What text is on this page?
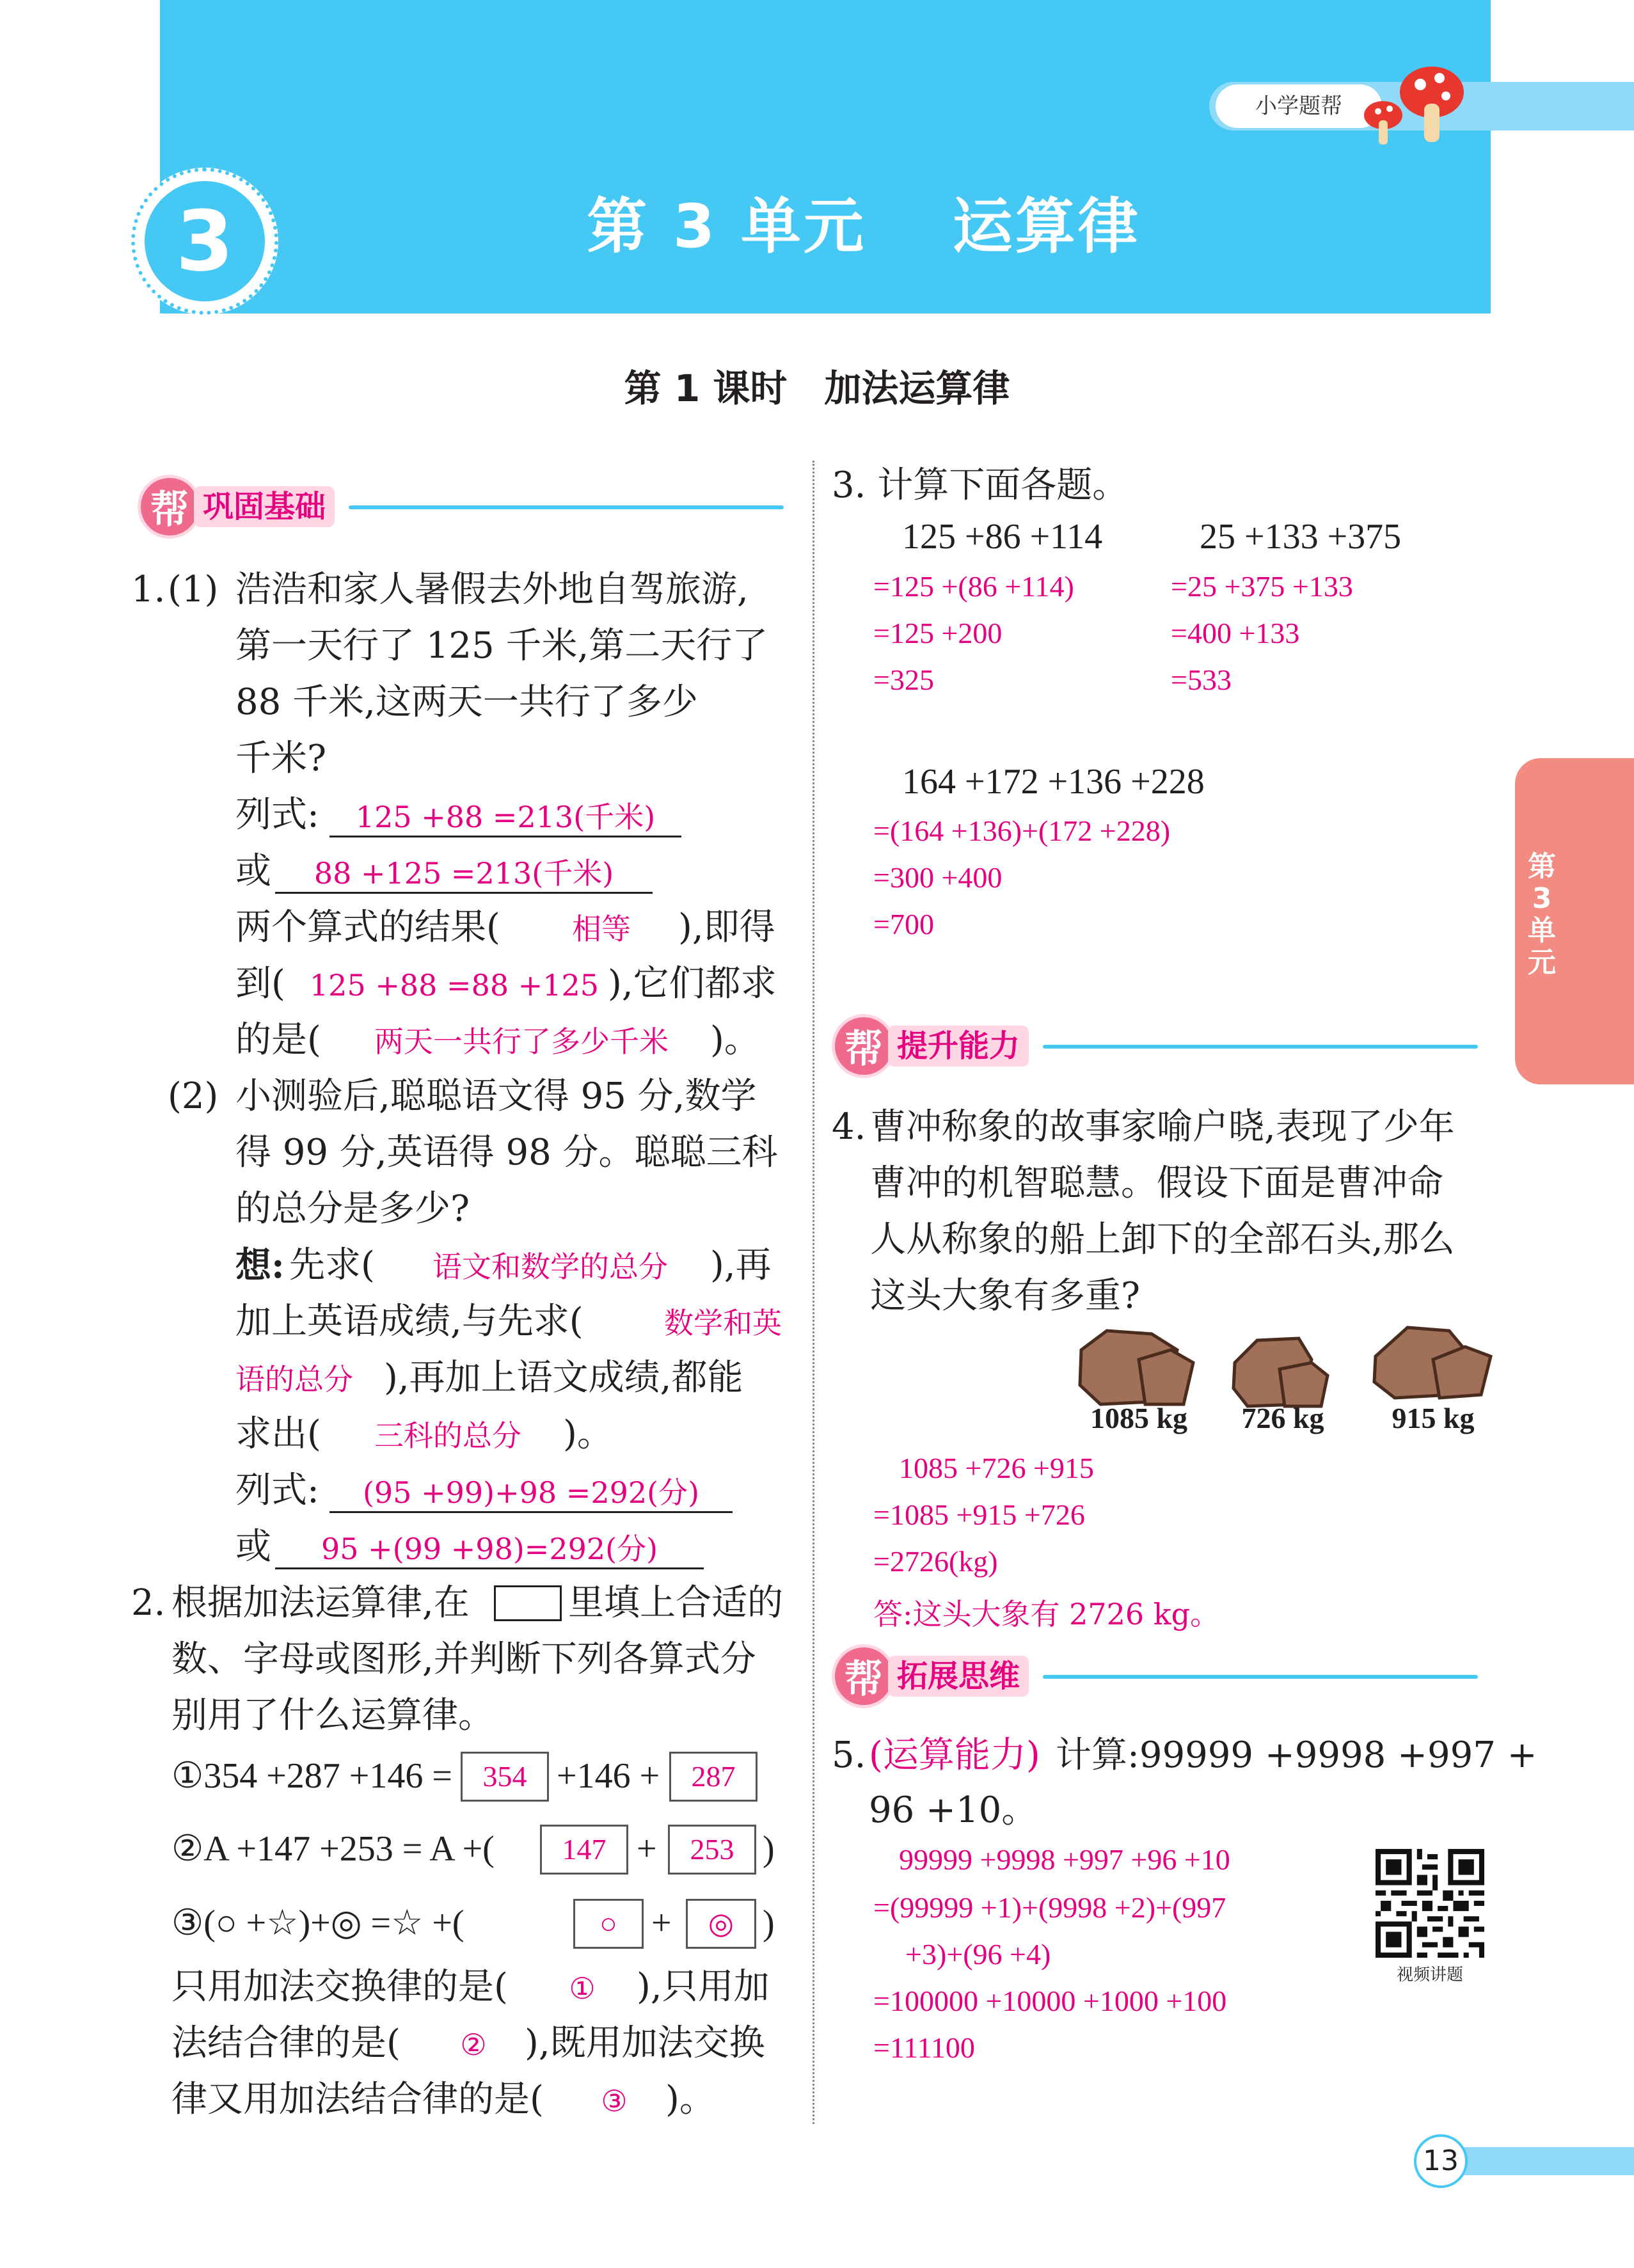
小学题帮
3	第 3 单元　 运算律
第 1 课时　加法运算律
第3单元
帮 巩固基础
1. (1) 浩浩和家人暑假去外地自驾旅游,
第一天行了 125 千米,第二天行了
88 千米,这两天一共行了多少
千米?
列式:	125 +88 =213(千米)
或	88 +125 =213(千米)
两个算式的结果(	相等	),即得
到( 125 +88 =88 +125 ),它们都求
的是(	两天一共行了多少千米	)。
(2) 小测验后,聪聪语文得 95 分,数学
得 99 分,英语得 98 分。聪聪三科
的总分是多少?
想: 先求(	语文和数学的总分	),再
加上英语成绩,与先求(	数学和英
语的总分 ),再加上语文成绩,都能
求出(	三科的总分	)。
列式:	(95 +99)+98 =292(分)
或	95 +(99 +98)=292(分)
2. 根据加法运算律,在	里填上合适的
数、字母或图形,并判断下列各算式分
别用了什么运算律。
①354 +287 +146 =	354 +146 +	287
②A +147 +253 = A +(	147 +	253 )
③(○ +☆)+◎ =☆ +(	○ +	◎ )
只用加法交换律的是(	①	),只用加
法结合律的是(	②	),既用加法交换
律又用加法结合律的是(	③	)。
3. 计算下面各题。
125 +86 +114
=125 +(86 +114)
=125 +200
=325
25 +133 +375
=25 +375 +133
=400 +133
=533
164 +172 +136 +228
=(164 +136)+(172 +228)
=300 +400
=700
帮 提升能力
4. 曹冲称象的故事家喻户晓,表现了少年
曹冲的机智聪慧。假设下面是曹冲命
人从称象的船上卸下的全部石头,那么
这头大象有多重?
1085 kg	726 kg	915 kg
1085 +726 +915
=1085 +915 +726
=2726(kg)
答:这头大象有 2726 kg。
帮 拓展思维
5. (运算能力) 计算:99999 +9998 +997 +
96 +10。
99999 +9998 +997 +96 +10
=(99999 +1)+(9998 +2)+(997
+3)+(96 +4)
=100000 +10000 +1000 +100
=111100
视频讲题
13
